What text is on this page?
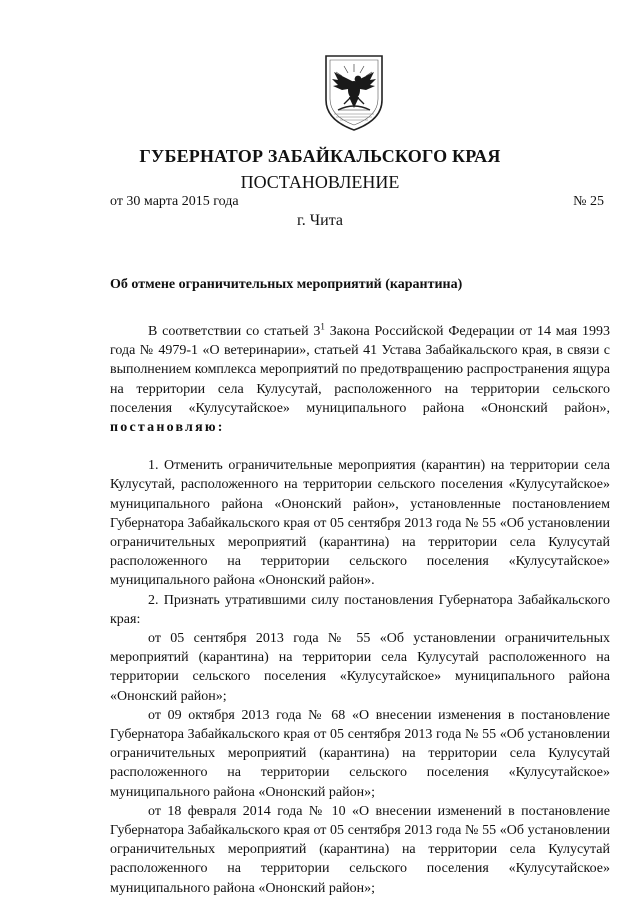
ГУБЕРНАТОР ЗАБАЙКАЛЬСКОГО КРАЯ
ПОСТАНОВЛЕНИЕ
от 30 марта 2015 года	№ 25
г. Чита
Об отмене ограничительных мероприятий (карантина)

В соответствии со статьей $3^1$ Закона Российской Федерации от 14 мая 1993 года № 4979-1 «О ветеринарии», статьей 41 Устава Забайкальского края, в связи с выполнением комплекса мероприятий по предотвращению распространения ящура на территории села Кулусутай, расположенного на территории сельского поселения «Кулусутайское» муниципального района «Ононский район», постановляю:

1. Отменить ограничительные мероприятия (карантин) на территории села Кулусутай, расположенного на территории сельского поселения «Кулусутайское» муниципального района «Ононский район», установленные постановлением Губернатора Забайкальского края от 05 сентября 2013 года № 55 «Об установлении ограничительных мероприятий (карантина) на территории села Кулусутай расположенного на территории сельского поселения «Кулусутайское» муниципального района «Ононский район».

2. Признать утратившими силу постановления Губернатора Забайкальского края:

от 05 сентября 2013 года № 55 «Об установлении ограничительных мероприятий (карантина) на территории села Кулусутай расположенного на территории сельского поселения «Кулусутайское» муниципального района «Ононский район»;

от 09 октября 2013 года № 68 «О внесении изменения в постановление Губернатора Забайкальского края от 05 сентября 2013 года № 55 «Об установлении ограничительных мероприятий (карантина) на территории села Кулусутай расположенного на территории сельского поселения «Кулусутайское» муниципального района «Ононский район»;

от 18 февраля 2014 года № 10 «О внесении изменений в постановление Губернатора Забайкальского края от 05 сентября 2013 года № 55 «Об установлении ограничительных мероприятий (карантина) на территории села Кулусутай расположенного на территории сельского поселения «Кулусутайское» муниципального района «Ононский район»;
